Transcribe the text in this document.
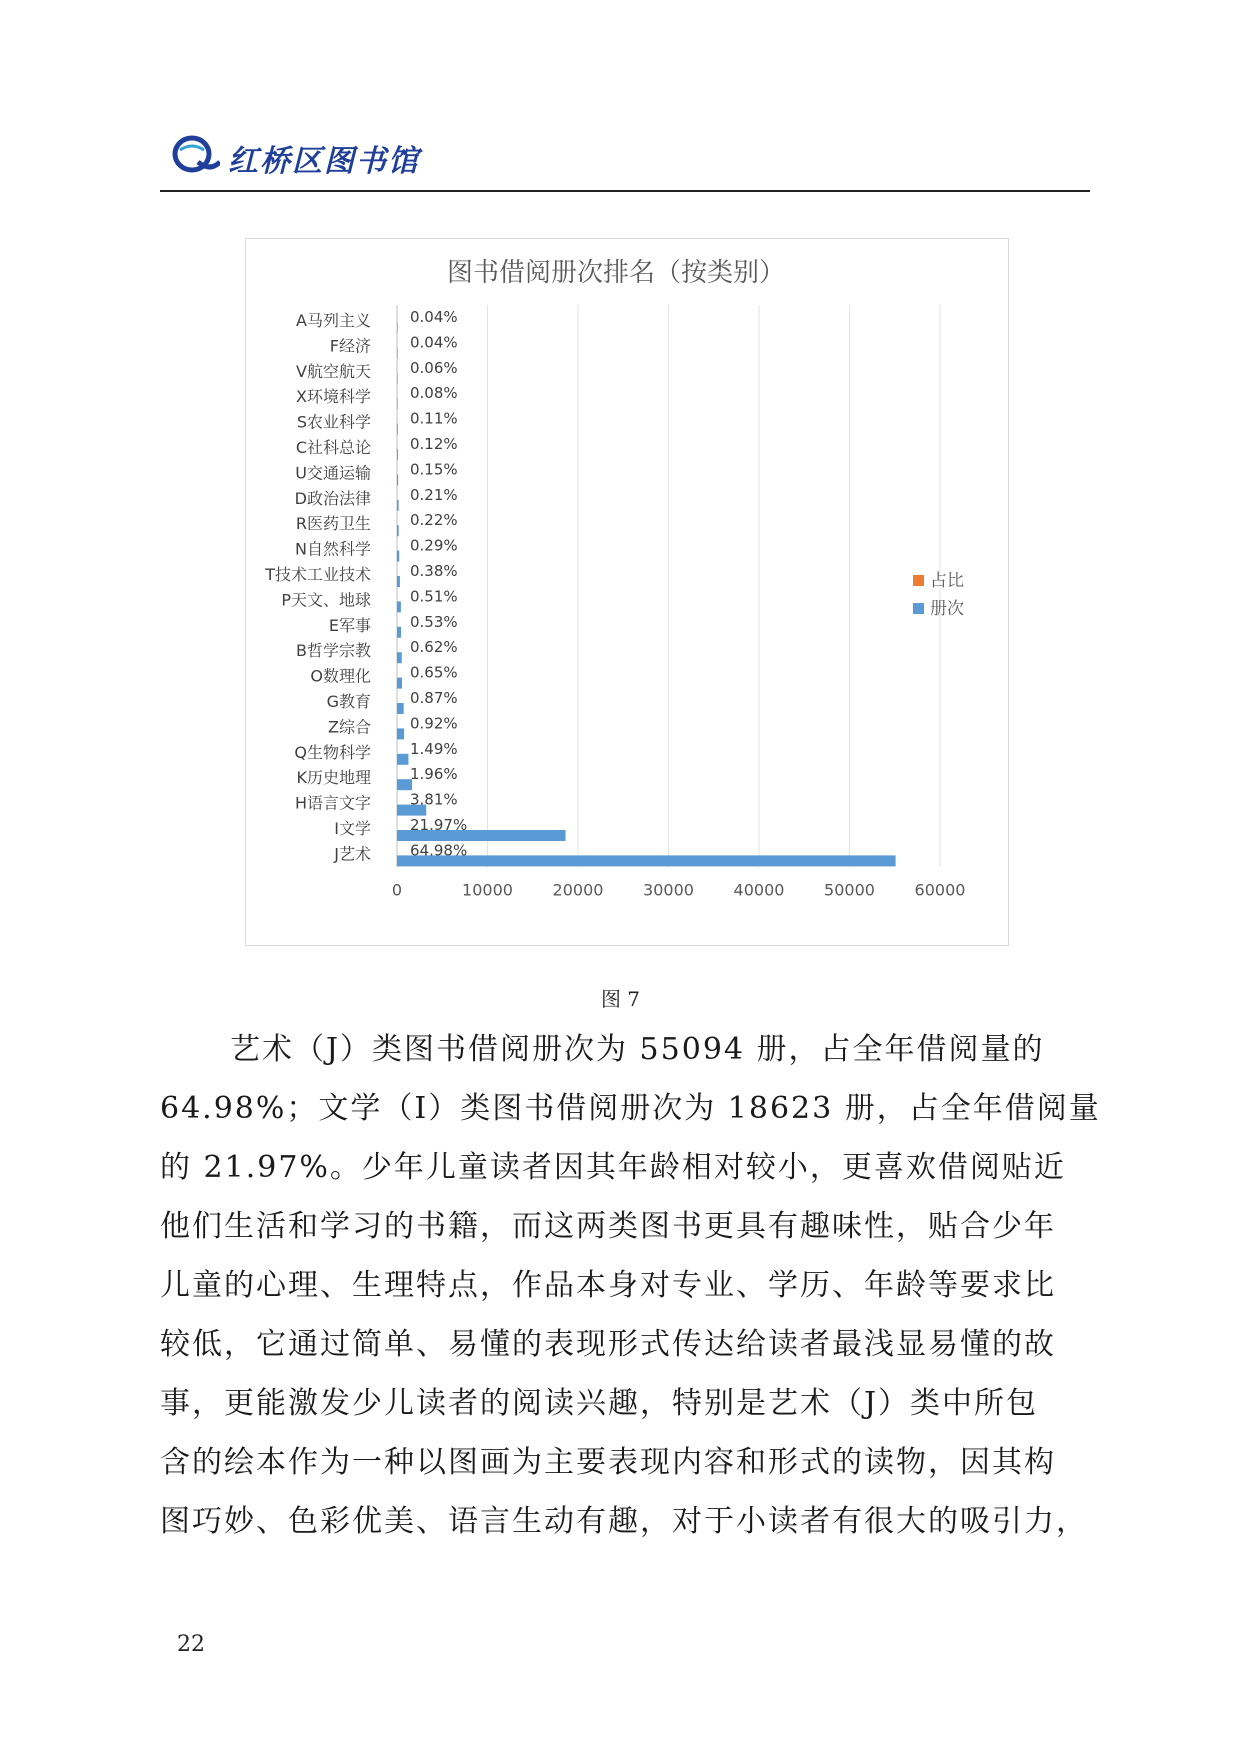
红桥区图书馆
图书借阅册次排名（按类别）
0	10000 20000 30000 40000 50000 60000
A马列主义	0.04%
F经济	0.04%
V航空航天	0.06%
X环境科学	0.08%
S农业科学	0.11%
C社科总论	0.12%
U交通运输	0.15%
D政治法律	0.21%
R医药卫生	0.22%
N自然科学	0.29%
T技术工业技术	0.38%
P天文、地球	0.51%
E军事	0.53%
B哲学宗教	0.62%
O数理化	0.65%
G教育	0.87%
Z综合	0.92%
Q生物科学	1.49%
K历史地理	1.96%
H语言文字	3.81%
I文学	21.97%
J艺术	64.98%
占比
册次
图 7
艺术（J）类图书借阅册次为 55094 册，占全年借阅量的
64.98%；文学（I）类图书借阅册次为 18623 册，占全年借阅量
的 21.97%。少年儿童读者因其年龄相对较小，更喜欢借阅贴近
他们生活和学习的书籍，而这两类图书更具有趣味性，贴合少年
儿童的心理、生理特点，作品本身对专业、学历、年龄等要求比
较低，它通过简单、易懂的表现形式传达给读者最浅显易懂的故
事，更能激发少儿读者的阅读兴趣，特别是艺术（J）类中所包
含的绘本作为一种以图画为主要表现内容和形式的读物，因其构
图巧妙、色彩优美、语言生动有趣，对于小读者有很大的吸引力，
22
